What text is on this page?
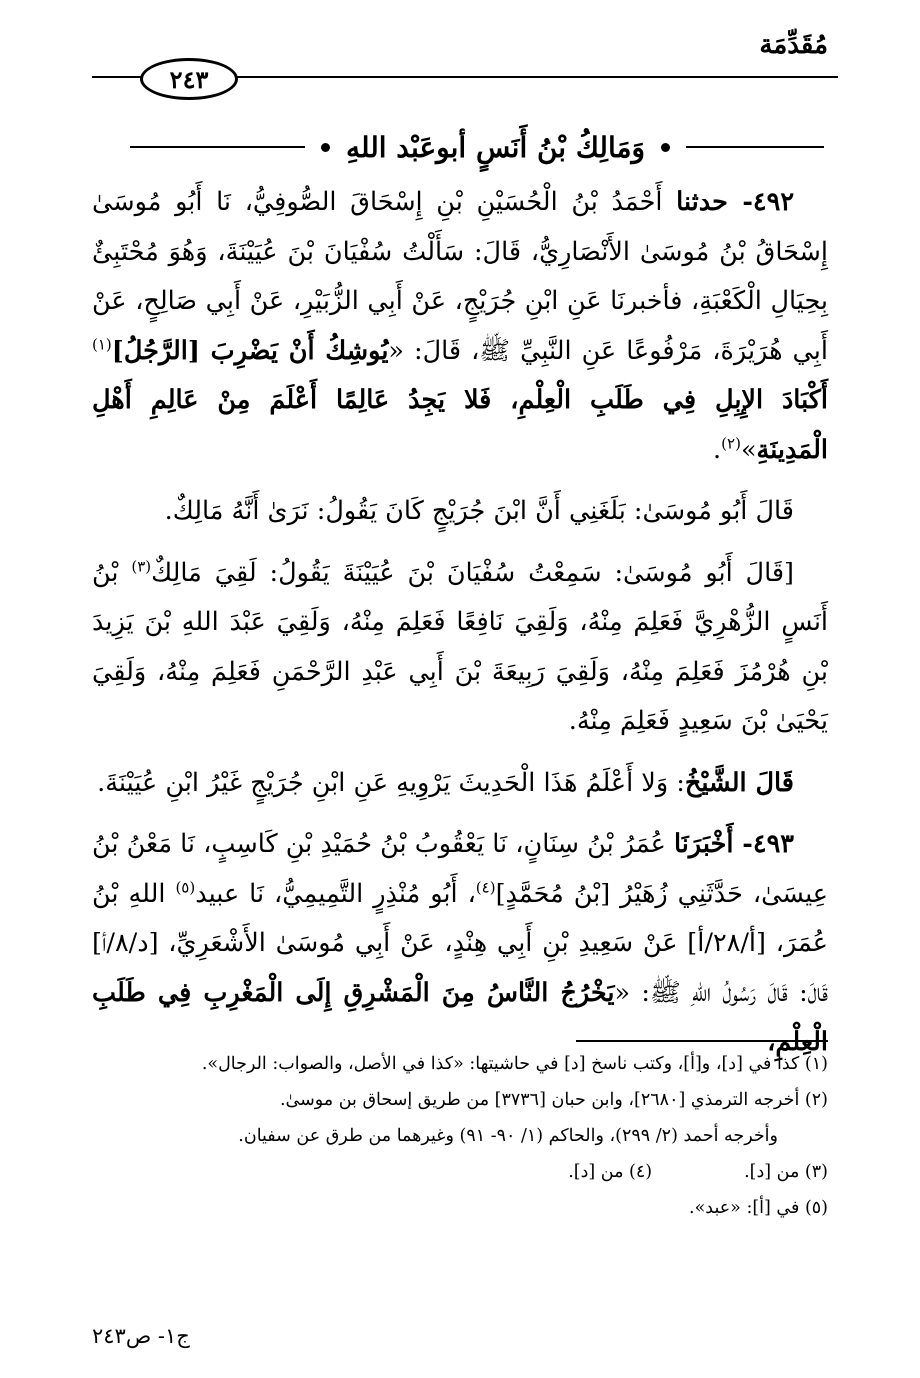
مُقَدِّمَة
٢٤٣
وَمَالِكُ بْنُ أَنَسٍ أبوعَبْد اللهِ

٤٩٢- حدثنا أَحْمَدُ بْنُ الْحُسَيْنِ بْنِ إِسْحَاقَ الصُّوفِيُّ، نَا أَبُو مُوسَىٰ إِسْحَاقُ بْنُ مُوسَىٰ الأَنْصَارِيُّ، قَالَ: سَأَلْتُ سُفْيَانَ بْنَ عُيَيْنَةَ، وَهُوَ مُحْتَبِئٌ بِحِيَالِ الْكَعْبَةِ، فأخبرنَا عَنِ ابْنِ جُرَيْجٍ، عَنْ أَبِي الزُّبَيْرِ، عَنْ أَبِي صَالِحٍ، عَنْ أَبِي هُرَيْرَةَ، مَرْفُوعًا عَنِ النَّبِيِّ ﷺ، قَالَ: «يُوشِكُ أَنْ يَضْرِبَ [الرَّجُلُ]$^{(١)}$ أَكْبَادَ الإِبِلِ فِي طَلَبِ الْعِلْمِ، فَلا يَجِدُ عَالِمًا أَعْلَمَ مِنْ عَالِمِ أَهْلِ الْمَدِينَةِ»$^{(٢)}$.

قَالَ أَبُو مُوسَىٰ: بَلَغَنِي أَنَّ ابْنَ جُرَيْجٍ كَانَ يَقُولُ: نَرَىٰ أَنَّهُ مَالِكٌ.

[قَالَ أَبُو مُوسَىٰ: سَمِعْتُ سُفْيَانَ بْنَ عُيَيْنَةَ يَقُولُ: لَقِيَ مَالِكٌ$^{(٣)}$ بْنُ أَنَسٍ الزُّهْرِيَّ فَعَلِمَ مِنْهُ، وَلَقِيَ نَافِعًا فَعَلِمَ مِنْهُ، وَلَقِيَ عَبْدَ اللهِ بْنَ يَزِيدَ بْنِ هُرْمُزَ فَعَلِمَ مِنْهُ، وَلَقِيَ رَبِيعَةَ بْنَ أَبِي عَبْدِ الرَّحْمَنِ فَعَلِمَ مِنْهُ، وَلَقِيَ يَحْيَىٰ بْنَ سَعِيدٍ فَعَلِمَ مِنْهُ.

قَالَ الشَّيْخُ: وَلا أَعْلَمُ هَذَا الْحَدِيثَ يَرْوِيهِ عَنِ ابْنِ جُرَيْجٍ غَيْرُ ابْنِ عُيَيْنَةَ.

٤٩٣- أَخْبَرَنَا عُمَرُ بْنُ سِنَانٍ، نَا يَعْقُوبُ بْنُ حُمَيْدِ بْنِ كَاسِبٍ، نَا مَعْنُ بْنُ عِيسَىٰ، حَدَّثَنِي زُهَيْرُ [بْنُ مُحَمَّدٍ]$^{(٤)}$، أَبُو مُنْذِرٍ التَّمِيمِيُّ، نَا عبيد$^{(٥)}$ اللهِ بْنُ عُمَرَ، [أ/٢٨/أ] عَنْ سَعِيدِ بْنِ أَبِي هِنْدٍ، عَنْ أَبِي مُوسَىٰ الأَشْعَرِيِّ، [د/٨/أ] قَالَ: قَالَ رَسُولُ اللهِ ﷺ: «يَخْرُجُ النَّاسُ مِنَ الْمَشْرِقِ إِلَى الْمَغْرِبِ فِي طَلَبِ الْعِلْمِ،

(١) كذا في [د]، و[أ]، وكتب ناسخ [د] في حاشيتها: «كذا في الأصل، والصواب: الرجال».
(٢) أخرجه الترمذي [٢٦٨٠]، وابن حبان [٣٧٣٦] من طريق إسحاق بن موسىٰ.
وأخرجه أحمد (٢/ ٢٩٩)، والحاكم (١/ ٩٠- ٩١) وغيرهما من طرق عن سفيان.
(٣) من [د].
(٤) من [د].
(٥) في [أ]: «عبد».
ج١- ص٢٤٣
